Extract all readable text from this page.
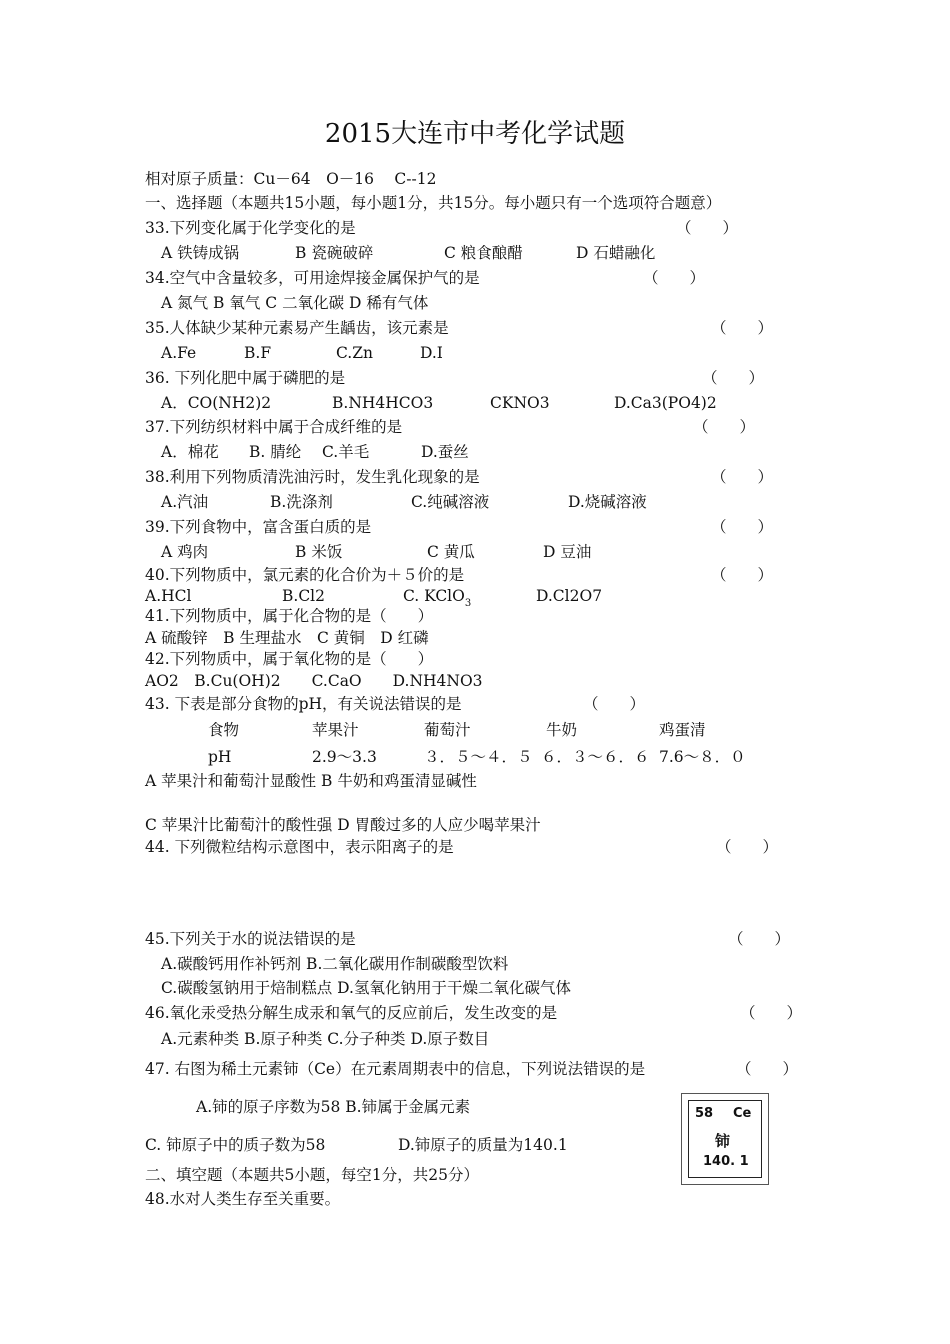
2015大连市中考化学试题
相对原子质量：Cu－64　O－16　 C--12
一、选择题（本题共15小题，每小题1分，共15分。每小题只有一个选项符合题意）
33.下列变化属于化学变化的是	（　　）
A 铁铸成锅	B 瓷碗破碎	C 粮食酿醋	D 石蜡融化
34.空气中含量较多，可用途焊接金属保护气的是	（　　）
A 氮气 B 氧气 C 二氧化碳 D 稀有气体
35.人体缺少某种元素易产生龋齿，该元素是	（　　）
A.Fe	B.F	C.Zn	D.I
36. 下列化肥中属于磷肥的是	（　　）
A．CO(NH2)2	B.NH4HCO3	CKNO3	D.Ca3(PO4)2
37.下列纺织材料中属于合成纤维的是	（　　）
A．棉花 B. 腈纶 C.羊毛	D.蚕丝
38.利用下列物质清洗油污时，发生乳化现象的是	（　　）
A.汽油	B.洗涤剂	C.纯碱溶液	D.烧碱溶液
39.下列食物中，富含蛋白质的是	（　　）
A 鸡肉	B 米饭	C 黄瓜	D 豆油
40.下列物质中，氯元素的化合价为＋５价的是	（　　）
A.HCl	B.Cl2	C. KClO$_3$	D.Cl2O7
41.下列物质中，属于化合物的是（　　）
A 硫酸锌　B 生理盐水　C 黄铜　D 红磷
42.下列物质中，属于氧化物的是（　　）
AO2　B.Cu(OH)2　　C.CaO　　D.NH4NO3
43. 下表是部分食物的pH，有关说法错误的是	（　　）
食物	苹果汁	葡萄汁	牛奶	鸡蛋清
pH	2.9～3.3	３．５～４．５ ６．３～６．６ 7.6～８．０
A 苹果汁和葡萄汁显酸性 B 牛奶和鸡蛋清显碱性
C 苹果汁比葡萄汁的酸性强 D 胃酸过多的人应少喝苹果汁
44. 下列微粒结构示意图中，表示阳离子的是	（　　）
45.下列关于水的说法错误的是	（　　）
A.碳酸钙用作补钙剂 B.二氧化碳用作制碳酸型饮料
C.碳酸氢钠用于焙制糕点 D.氢氧化钠用于干燥二氧化碳气体
46.氧化汞受热分解生成汞和氧气的反应前后，发生改变的是	（　　）
A.元素种类 B.原子种类 C.分子种类 D.原子数目
47. 右图为稀土元素铈（Ce）在元素周期表中的信息，下列说法错误的是	（　　）
A.铈的原子序数为58 B.铈属于金属元素
C. 铈原子中的质子数为58	D.铈原子的质量为140.1
58 Ce
铈
140. 1
二、填空题（本题共5小题，每空1分，共25分）
48.水对人类生存至关重要。
